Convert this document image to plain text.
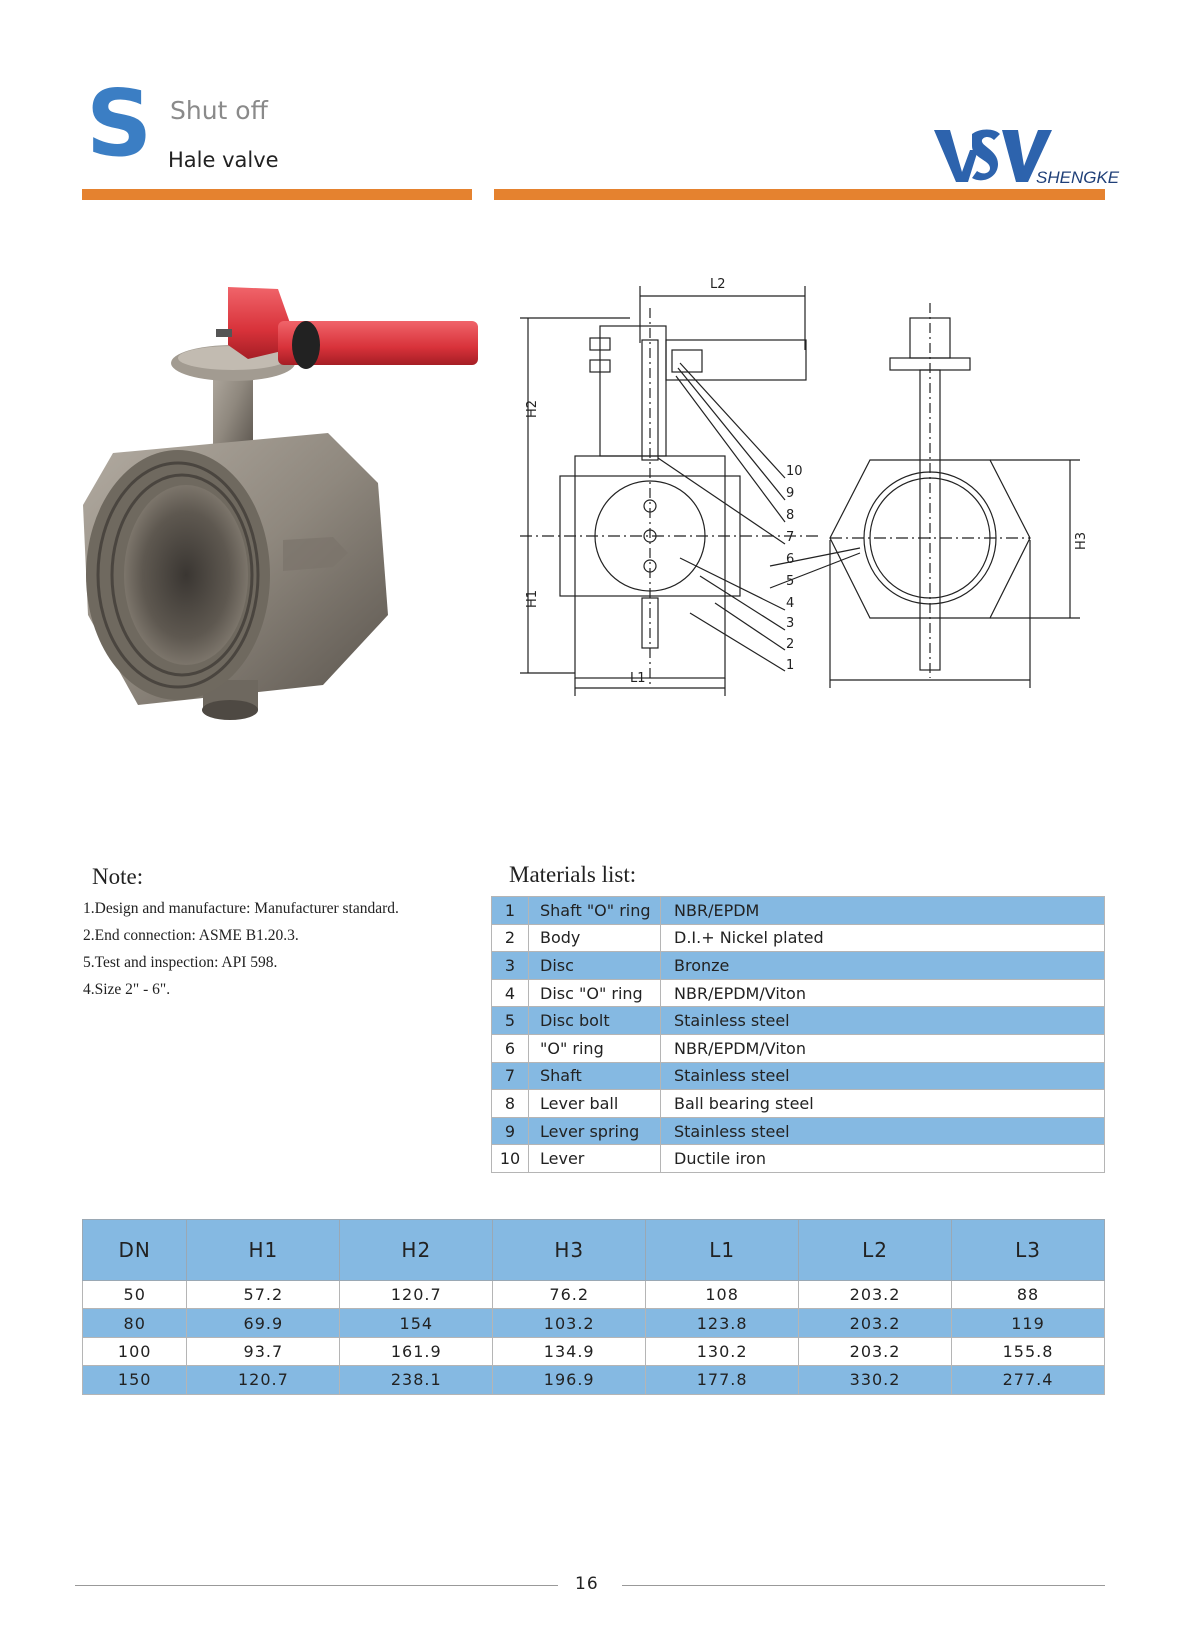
S Shut off
Hale valve
SHENGKE
L2
H2
H1
L1
10
9
8
7
6
5
4
3
2
1
H3
Note:
1.Design and manufacture: Manufacturer standard.
2.End connection: ASME B1.20.3.
5.Test and inspection: API 598.
4.Size 2" - 6".
Materials list:
1	Shaft "O" ring	NBR/EPDM
2	Body	D.I.+ Nickel plated
3	Disc	Bronze
4	Disc "O" ring	NBR/EPDM/Viton
5	Disc bolt	Stainless steel
6	"O" ring	NBR/EPDM/Viton
7	Shaft	Stainless steel
8	Lever ball	Ball bearing steel
9	Lever spring	Stainless steel
10	Lever	Ductile iron
DN	H1	H2	H3	L1	L2	L3
50	57.2	120.7	76.2	108	203.2	88
80	69.9	154	103.2	123.8	203.2	119
100	93.7	161.9	134.9	130.2	203.2	155.8
150	120.7	238.1	196.9	177.8	330.2	277.4
16
